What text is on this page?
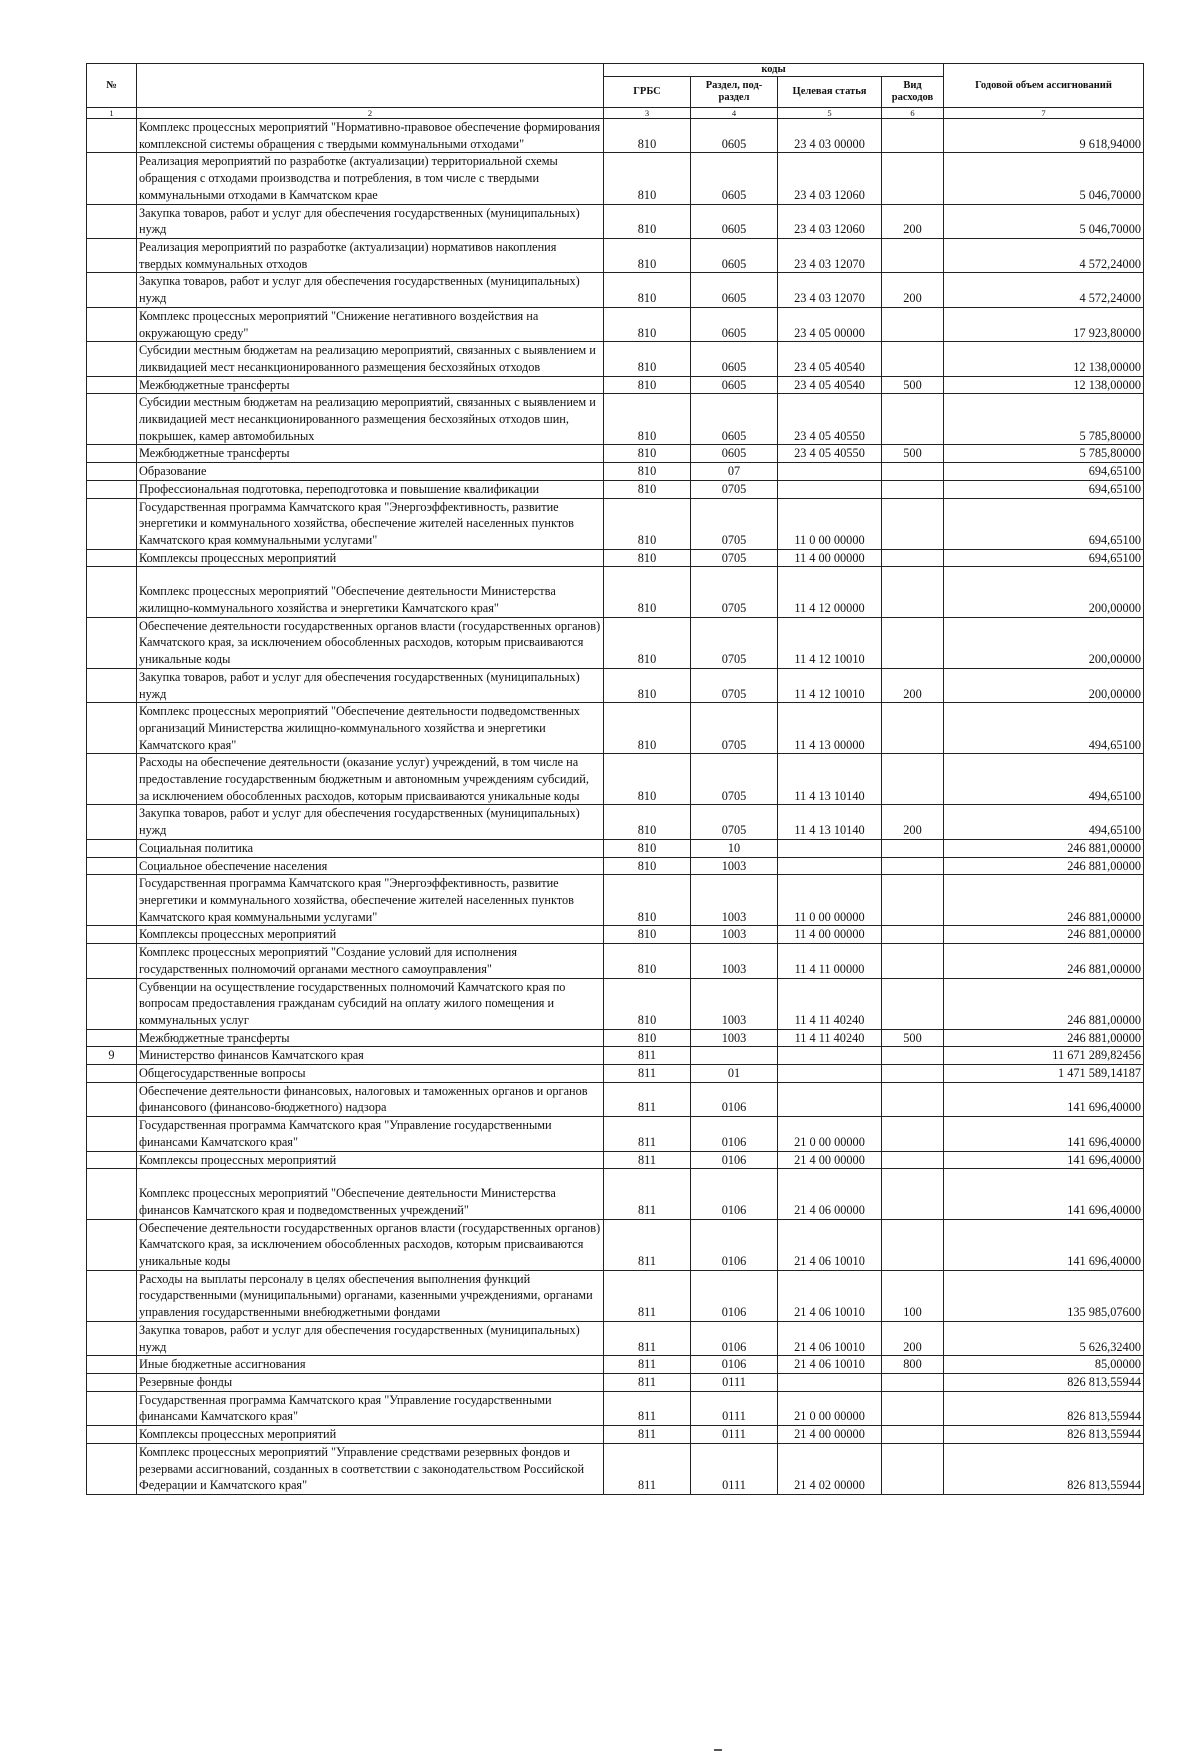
№		коды				Годовой объем ассигнований
		ГРБС	Раздел, под-раздел	Целевая статья	Вид расходов	
1	2	3	4	5	6	7
	Комплекс процессных мероприятий "Нормативно-правовое обеспечение формирования комплексной системы обращения с твердыми коммунальными отходами"	810	0605	23 4 03 00000		9 618,94000
	Реализация мероприятий по разработке (актуализации) территориальной схемы обращения с отходами производства и потребления, в том числе с твердыми коммунальными отходами в Камчатском крае	810	0605	23 4 03 12060		5 046,70000
	Закупка товаров, работ и услуг для обеспечения государственных (муниципальных) нужд	810	0605	23 4 03 12060	200	5 046,70000
	Реализация мероприятий по разработке (актуализации) нормативов накопления твердых коммунальных отходов	810	0605	23 4 03 12070		4 572,24000
	Закупка товаров, работ и услуг для обеспечения государственных (муниципальных) нужд	810	0605	23 4 03 12070	200	4 572,24000
	Комплекс процессных мероприятий "Снижение негативного воздействия на окружающую среду"	810	0605	23 4 05 00000		17 923,80000
	Субсидии местным бюджетам на реализацию мероприятий, связанных с выявлением и ликвидацией мест несанкционированного размещения бесхозяйных отходов	810	0605	23 4 05 40540		12 138,00000
	Межбюджетные трансферты	810	0605	23 4 05 40540	500	12 138,00000
	Субсидии местным бюджетам на реализацию мероприятий, связанных с выявлением и ликвидацией мест несанкционированного размещения бесхозяйных отходов шин, покрышек, камер автомобильных	810	0605	23 4 05 40550		5 785,80000
	Межбюджетные трансферты	810	0605	23 4 05 40550	500	5 785,80000
	Образование	810	07			694,65100
	Профессиональная подготовка, переподготовка и повышение квалификации	810	0705			694,65100
	Государственная программа Камчатского края "Энергоэффективность, развитие энергетики и коммунального хозяйства, обеспечение жителей населенных пунктов Камчатского края коммунальными услугами"	810	0705	11 0 00 00000		694,65100
	Комплексы процессных мероприятий	810	0705	11 4 00 00000		694,65100
	Комплекс процессных мероприятий "Обеспечение деятельности Министерства жилищно-коммунального хозяйства и энергетики Камчатского края"	810	0705	11 4 12 00000		200,00000
	Обеспечение деятельности государственных органов власти (государственных органов) Камчатского края, за исключением обособленных расходов, которым присваиваются уникальные коды	810	0705	11 4 12 10010		200,00000
	Закупка товаров, работ и услуг для обеспечения государственных (муниципальных) нужд	810	0705	11 4 12 10010	200	200,00000
	Комплекс процессных мероприятий "Обеспечение деятельности подведомственных организаций Министерства жилищно-коммунального хозяйства и энергетики Камчатского края"	810	0705	11 4 13 00000		494,65100
	Расходы на обеспечение деятельности (оказание услуг) учреждений, в том числе на предоставление государственным бюджетным и автономным учреждениям субсидий, за исключением обособленных расходов, которым присваиваются уникальные коды	810	0705	11 4 13 10140		494,65100
	Закупка товаров, работ и услуг для обеспечения государственных (муниципальных) нужд	810	0705	11 4 13 10140	200	494,65100
	Социальная политика	810	10			246 881,00000
	Социальное обеспечение населения	810	1003			246 881,00000
	Государственная программа Камчатского края "Энергоэффективность, развитие энергетики и коммунального хозяйства, обеспечение жителей населенных пунктов Камчатского края коммунальными услугами"	810	1003	11 0 00 00000		246 881,00000
	Комплексы процессных мероприятий	810	1003	11 4 00 00000		246 881,00000
	Комплекс процессных мероприятий "Создание условий для исполнения государственных полномочий органами местного самоуправления"	810	1003	11 4 11 00000		246 881,00000
	Субвенции на осуществление государственных полномочий Камчатского края по вопросам предоставления гражданам субсидий на оплату жилого помещения и коммунальных услуг	810	1003	11 4 11 40240		246 881,00000
	Межбюджетные трансферты	810	1003	11 4 11 40240	500	246 881,00000
9	Министерство финансов Камчатского края	811				11 671 289,82456
	Общегосударственные вопросы	811	01			1 471 589,14187
	Обеспечение деятельности финансовых, налоговых и таможенных органов и органов финансового (финансово-бюджетного) надзора	811	0106			141 696,40000
	Государственная программа Камчатского края "Управление государственными финансами Камчатского края"	811	0106	21 0 00 00000		141 696,40000
	Комплексы процессных мероприятий	811	0106	21 4 00 00000		141 696,40000
	Комплекс процессных мероприятий "Обеспечение деятельности Министерства финансов Камчатского края и подведомственных учреждений"	811	0106	21 4 06 00000		141 696,40000
	Обеспечение деятельности государственных органов власти (государственных органов) Камчатского края, за исключением обособленных расходов, которым присваиваются уникальные коды	811	0106	21 4 06 10010		141 696,40000
	Расходы на выплаты персоналу в целях обеспечения выполнения функций государственными (муниципальными) органами, казенными учреждениями, органами управления государственными внебюджетными фондами	811	0106	21 4 06 10010	100	135 985,07600
	Закупка товаров, работ и услуг для обеспечения государственных (муниципальных) нужд	811	0106	21 4 06 10010	200	5 626,32400
	Иные бюджетные ассигнования	811	0106	21 4 06 10010	800	85,00000
	Резервные фонды	811	0111			826 813,55944
	Государственная программа Камчатского края "Управление государственными финансами Камчатского края"	811	0111	21 0 00 00000		826 813,55944
	Комплексы процессных мероприятий	811	0111	21 4 00 00000		826 813,55944
	Комплекс процессных мероприятий "Управление средствами резервных фондов и резервами ассигнований, созданных в соответствии с законодательством Российской Федерации и Камчатского края"	811	0111	21 4 02 00000		826 813,55944
